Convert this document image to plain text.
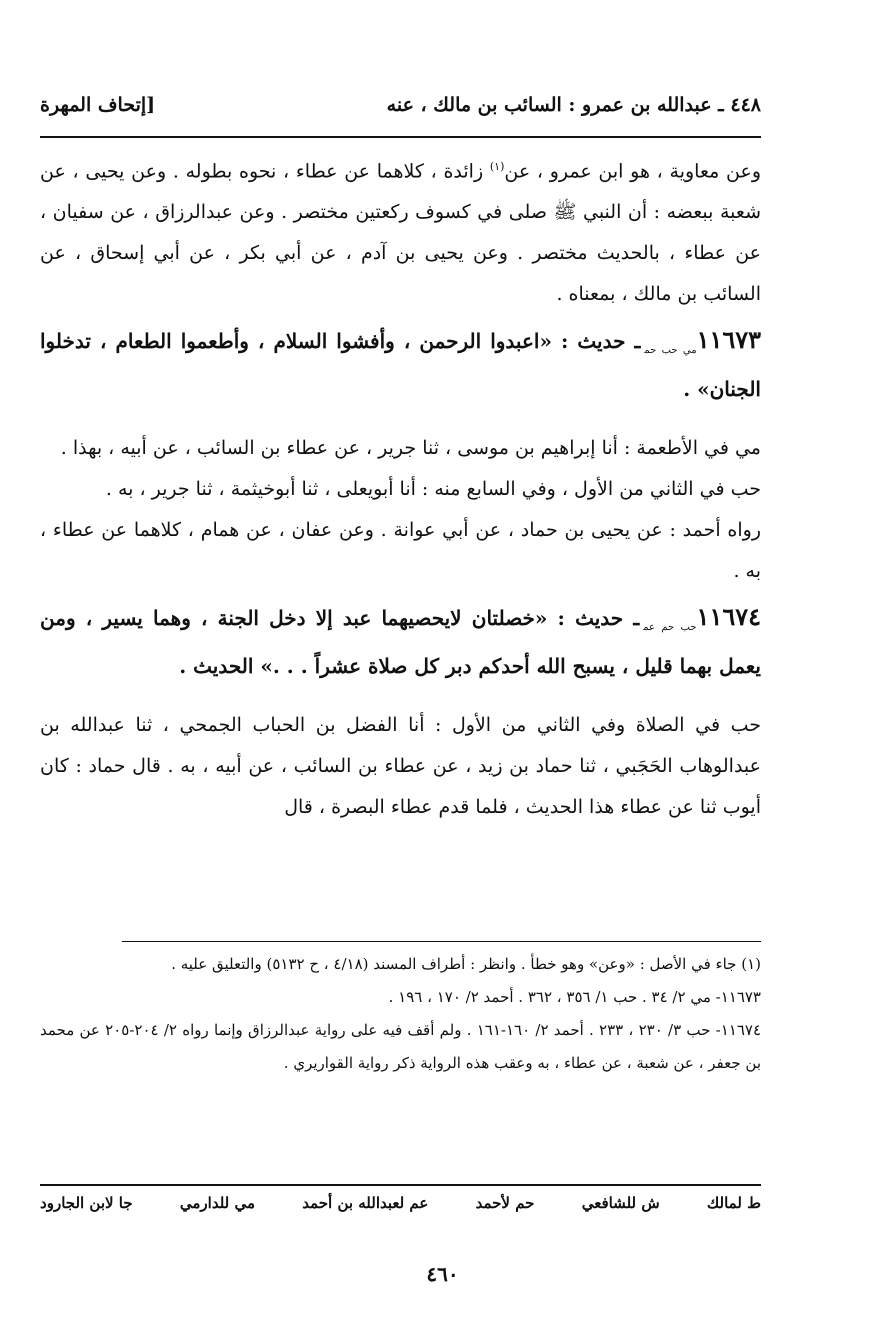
٤٤٨ ـ عبدالله بن عمرو : السائب بن مالك ، عنه
[إتحاف المهرة

وعن معاوية ، هو ابن عمرو ، عن$^{(١)}$ زائدة ، كلاهما عن عطاء ، نحوه بطوله . وعن يحيى ، عن شعبة ببعضه : أن النبي ﷺ صلى في كسوف ركعتين مختصر . وعن عبدالرزاق ، عن سفيان ، عن عطاء ، بالحديث مختصر . وعن يحيى بن آدم ، عن أبي بكر ، عن أبي إسحاق ، عن السائب بن مالك ، بمعناه .

$١١٦٧٣_{مي حب حم}ـ$ حديث : «اعبدوا الرحمن ، وأفشوا السلام ، وأطعموا الطعام ، تدخلوا الجنان» .

مي في الأطعمة : أنا إبراهيم بن موسى ، ثنا جرير ، عن عطاء بن السائب ، عن أبيه ، بهذا .

حب في الثاني من الأول ، وفي السابع منه : أنا أبويعلى ، ثنا أبوخيثمة ، ثنا جرير ، به .

رواه أحمد : عن يحيى بن حماد ، عن أبي عوانة . وعن عفان ، عن همام ، كلاهما عن عطاء ، به .

$١١٦٧٤_{حب حم عم}ـ$ حديث : «خصلتان لايحصيهما عبد إلا دخل الجنة ، وهما يسير ، ومن يعمل بهما قليل ، يسبح الله أحدكم دبر كل صلاة عشراً . . .» الحديث .

حب في الصلاة وفي الثاني من الأول : أنا الفضل بن الحباب الجمحي ، ثنا عبدالله بن عبدالوهاب الحَجَبي ، ثنا حماد بن زيد ، عن عطاء بن السائب ، عن أبيه ، به . قال حماد : كان أيوب ثنا عن عطاء هذا الحديث ، فلما قدم عطاء البصرة ، قال

(١) جاء في الأصل : «وعن» وهو خطأ . وانظر : أطراف المسند (٤/١٨ ، ح ٥١٣٢) والتعليق عليه .

١١٦٧٣- مي ٢/ ٣٤ . حب ١/ ٣٥٦ ، ٣٦٢ . أحمد ٢/ ١٧٠ ، ١٩٦ .

١١٦٧٤- حب ٣/ ٢٣٠ ، ٢٣٣ . أحمد ٢/ ١٦٠-١٦١ . ولم أقف فيه على رواية عبدالرزاق وإنما رواه ٢/ ٢٠٤-٢٠٥ عن محمد بن جعفر ، عن شعبة ، عن عطاء ، به وعقب هذه الرواية ذكر رواية القواريري .

ط لمالك
ش للشافعي
حم لأحمد
عم لعبدالله بن أحمد
مي للدارمي
جا لابن الجارود
٤٦٠
